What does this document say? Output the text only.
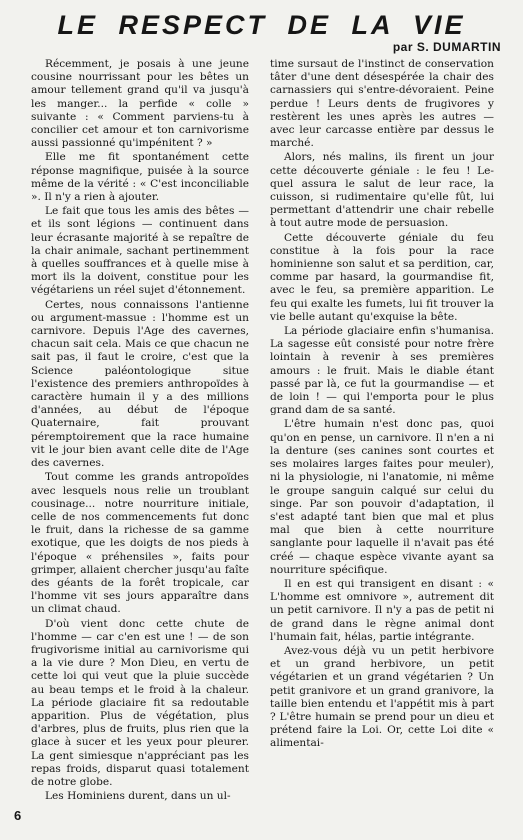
LE RESPECT DE LA VIE
par S. DUMARTIN

Récemment, je posais à une jeune cousine nourrissant pour les bêtes un amour tellement grand qu'il va jusqu'à les manger... la perfide « colle » suivante : « Comment parviens-tu à concilier cet amour et ton carnivorisme aussi passionné qu'impénitent ? »

Elle me fit spontanément cette réponse magnifique, puisée à la source même de la vérité : « C'est inconciliable ». Il n'y a rien à ajouter.

Le fait que tous les amis des bêtes — et ils sont légions — continuent dans leur écrasante majorité à se repaître de la chair animale, sachant pertinemment à quelles souffrances et à quelle mise à mort ils la doivent, constitue pour les végétariens un réel sujet d'étonnement.

Certes, nous connaissons l'antienne ou argument-massue : l'homme est un carnivore. Depuis l'Age des cavernes, chacun sait cela. Mais ce que chacun ne sait pas, il faut le croire, c'est que la Science paléontologique situe l'existence des premiers anthropoïdes à caractère humain il y a des millions d'années, au début de l'époque Quaternaire, fait prouvant péremptoirement que la race humaine vit le jour bien avant celle dite de l'Age des cavernes.

Tout comme les grands antropoïdes avec lesquels nous relie un troublant cousinage... notre nourriture initiale, celle de nos commencements fut donc le fruit, dans la richesse de sa gamme exotique, que les doigts de nos pieds à l'époque « préhensiles », faits pour grimper, allaient chercher jusqu'au faîte des géants de la forêt tropicale, car l'homme vit ses jours apparaître dans un climat chaud.

D'où vient donc cette chute de l'homme — car c'en est une ! — de son frugivorisme initial au carnivorisme qui a la vie dure ? Mon Dieu, en vertu de cette loi qui veut que la pluie succède au beau temps et le froid à la chaleur. La période glaciaire fit sa redoutable apparition. Plus de végétation, plus d'arbres, plus de fruits, plus rien que la glace à sucer et les yeux pour pleurer. La gent simiesque n'appréciant pas les repas froids, disparut quasi totalement de notre globe.

Les Hominiens durent, dans un ul-

time sursaut de l'instinct de conservation tâter d'une dent désespérée la chair des carnassiers qui s'entre-dévoraient. Peine perdue ! Leurs dents de frugivores y restèrent les unes après les autres — avec leur carcasse entière par dessus le marché.

Alors, nés malins, ils firent un jour cette découverte géniale : le feu ! Le-quel assura le salut de leur race, la cuisson, si rudimentaire qu'elle fût, lui permettant d'attendrir une chair rebelle à tout autre mode de persuasion.

Cette découverte géniale du feu constitue à la fois pour la race hominienne son salut et sa perdition, car, comme par hasard, la gourmandise fit, avec le feu, sa première apparition. Le feu qui exalte les fumets, lui fit trouver la vie belle autant qu'exquise la bête.

La période glaciaire enfin s'humanisa. La sagesse eût consisté pour notre frère lointain à revenir à ses premières amours : le fruit. Mais le diable étant passé par là, ce fut la gourmandise — et de loin ! — qui l'emporta pour le plus grand dam de sa santé.

L'être humain n'est donc pas, quoi qu'on en pense, un carnivore. Il n'en a ni la denture (ses canines sont courtes et ses molaires larges faites pour meuler), ni la physiologie, ni l'anatomie, ni même le groupe sanguin calqué sur celui du singe. Par son pouvoir d'adaptation, il s'est adapté tant bien que mal et plus mal que bien à cette nourriture sanglante pour laquelle il n'avait pas été créé — chaque espèce vivante ayant sa nourriture spécifique.

Il en est qui transigent en disant : « L'homme est omnivore », autrement dit un petit carnivore. Il n'y a pas de petit ni de grand dans le règne animal dont l'humain fait, hélas, partie intégrante.

Avez-vous déjà vu un petit herbivore et un grand herbivore, un petit végétarien et un grand végétarien ? Un petit granivore et un grand granivore, la taille bien entendu et l'appétit mis à part ? L'être humain se prend pour un dieu et prétend faire la Loi. Or, cette Loi dite « alimentai-

6
